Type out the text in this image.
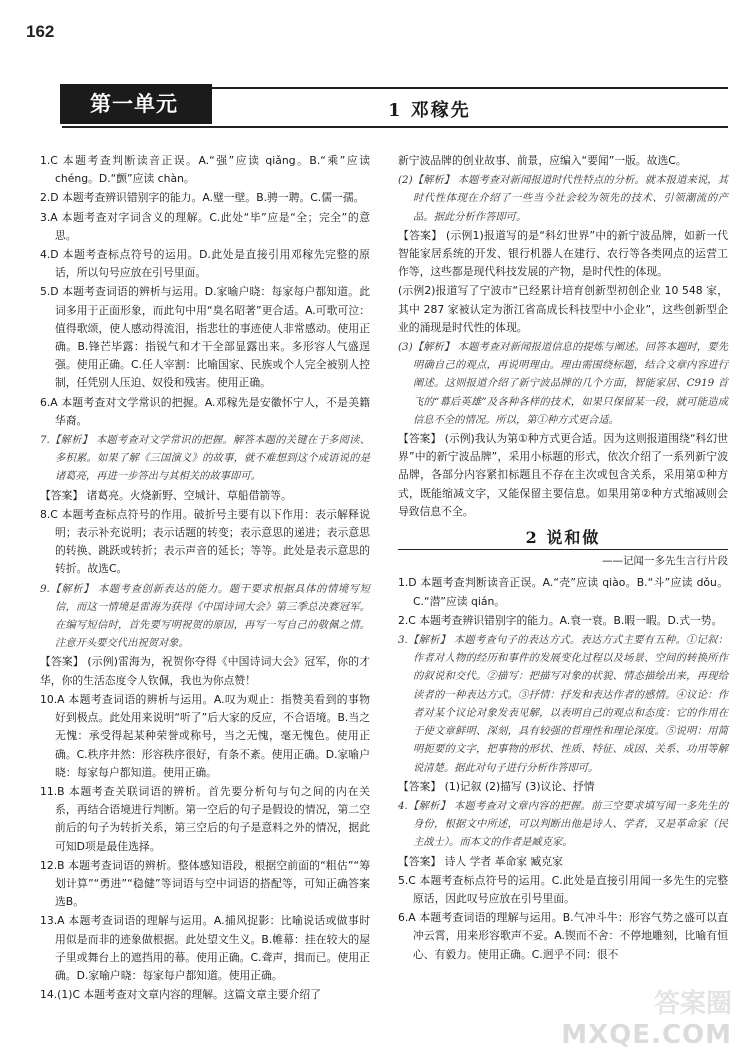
162
第一单元	1 邓稼先
1.C 本题考查判断读音正误。A.“强”应读 qiǎng。B.“乘”应读 chéng。D.“颤”应读 chàn。
2.D 本题考查辨识错别字的能力。A.璧一壁。B.骋一聘。C.儒一孺。
3.A 本题考查对字词含义的理解。C.此处“毕”应是“全；完全”的意思。
4.D 本题考查标点符号的运用。D.此处是直接引用邓稼先完整的原话，所以句号应放在引号里面。
5.D 本题考查词语的辨析与运用。D.家喻户晓：每家每户都知道。此词多用于正面形象，而此句中用“臭名昭著”更合适。A.可歌可泣：值得歌颂，使人感动得流泪，指悲壮的事迹使人非常感动。使用正确。B.锋芒毕露：指锐气和才干全部显露出来。多形容人气盛逞强。使用正确。C.任人宰割：比喻国家、民族或个人完全被别人控制，任凭别人压迫、奴役和残害。使用正确。
6.A 本题考查对文学常识的把握。A.邓稼先是安徽怀宁人，不是美籍华裔。
7.【解析】 本题考查对文学常识的把握。解答本题的关键在于多阅读、多积累。如果了解《三国演义》的故事，就不难想到这个成语说的是诸葛亮，再进一步答出与其相关的故事即可。
【答案】 诸葛亮。火烧新野、空城计、草船借箭等。
8.C 本题考查标点符号的作用。破折号主要有以下作用：表示解释说明；表示补充说明；表示话题的转变；表示意思的递进；表示意思的转换、跳跃或转折；表示声音的延长；等等。此处是表示意思的转折。故选C。
9.【解析】 本题考查创新表达的能力。题干要求根据具体的情境写短信，而这一情境是雷海为获得《中国诗词大会》第三季总决赛冠军。在编写短信时，首先要写明祝贺的原因，再写一写自己的敬佩之情。注意开头要交代出祝贺对象。
【答案】 (示例)雷海为，祝贺你夺得《中国诗词大会》冠军，你的才华，你的生活态度令人钦佩，我也为你点赞！
10.A 本题考查词语的辨析与运用。A.叹为观止：指赞美看到的事物好到极点。此处用来说明“听了”后大家的反应，不合语境。B.当之无愧：承受得起某种荣誉或称号，当之无愧，毫无愧色。使用正确。C.秩序井然：形容秩序很好，有条不紊。使用正确。D.家喻户晓：每家每户都知道。使用正确。
11.B 本题考查关联词语的辨析。首先要分析句与句之间的内在关系，再结合语境进行判断。第一空后的句子是假设的情况，第二空前后的句子为转折关系，第三空后的句子是意料之外的情况，据此可知D项是最佳选择。
12.B 本题考查词语的辨析。整体感知语段，根据空前面的“粗估”“筹划计算”“勇进”“稳健”等词语与空中词语的搭配等，可知正确答案选B。
13.A 本题考查词语的理解与运用。A.捕风捉影：比喻说话或做事时用似是而非的迹象做根据。此处望文生义。B.帷幕：挂在较大的屋子里或舞台上的遮挡用的幕。使用正确。C.聋声，揖而已。使用正确。D.家喻户晓：每家每户都知道。使用正确。
14.(1)C 本题考查对文章内容的理解。这篇文章主要介绍了
新宁波品牌的创业故事、前景，应编入“要闻”一版。故选C。
(2)【解析】 本题考查对新闻报道时代性特点的分析。就本报道来说，其时代性体现在介绍了一些当今社会较为领先的技术、引领潮流的产品。据此分析作答即可。
【答案】 (示例1)报道写的是“科幻世界”中的新宁波品牌，如新一代智能家居系统的开发、银行机器人在建行、农行等各类网点的运营工作等，这些都是现代科技发展的产物，是时代性的体现。
(示例2)报道写了宁波市“已经累计培育创新型初创企业 10 548 家，其中 287 家被认定为浙江省高成长科技型中小企业”，这些创新型企业的涌现是时代性的体现。
(3)【解析】 本题考查对新闻报道信息的提炼与阐述。回答本题时，要先明确自己的观点，再说明理由。理由需围绕标题，结合文章内容进行阐述。这则报道介绍了新宁波品牌的几个方面，智能家居、C919 首飞的“幕后英雄”及各种各样的技术，如果只保留某一段，就可能造成信息不全的情况。所以，第①种方式更合适。
【答案】 (示例)我认为第①种方式更合适。因为这则报道围绕“科幻世界”中的新宁波品牌”，采用小标题的形式，依次介绍了一系列新宁波品牌，各部分内容紧扣标题且不存在主次或包含关系，采用第①种方式，既能缩减文字，又能保留主要信息。如果用第②种方式缩减则会导致信息不全。
2 说和做
——记闻一多先生言行片段
1.D 本题考查判断读音正误。A.“壳”应读 qiào。B.“斗”应读 dǒu。C.“潜”应读 qián。
2.C 本题考查辨识错别字的能力。A.衰一衰。B.暇一暇。D.式一势。
3.【解析】 本题考查句子的表达方式。表达方式主要有五种。①记叙：作者对人物的经历和事件的发展变化过程以及场景、空间的转换所作的叙说和交代。②描写：把描写对象的状貌、情态描绘出来，再现给读者的一种表达方式。③抒情：抒发和表达作者的感情。④议论：作者对某个议论对象发表见解，以表明自己的观点和态度：它的作用在于使文章鲜明、深刻，具有较强的哲理性和理论深度。⑤说明：用简明扼要的文字，把事物的形状、性质、特征、成因、关系、功用等解说清楚。据此对句子进行分析作答即可。
【答案】 (1)记叙 (2)描写 (3)议论、抒情
4.【解析】 本题考查对文章内容的把握。前三空要求填写闻一多先生的身份，根据文中所述，可以判断出他是诗人、学者，又是革命家（民主战士）。而本文的作者是臧克家。
【答案】 诗人 学者 革命家 臧克家
5.C 本题考查标点符号的运用。C.此处是直接引用闻一多先生的完整原话，因此叹号应放在引号里面。
6.A 本题考查词语的理解与运用。B.气冲斗牛：形容气势之盛可以直冲云霄，用来形容歌声不妥。A.锲而不舍：不停地雕刻，比喻有恒心、有毅力。使用正确。C.迥乎不同：很不
答案圈
MXQE.COM
